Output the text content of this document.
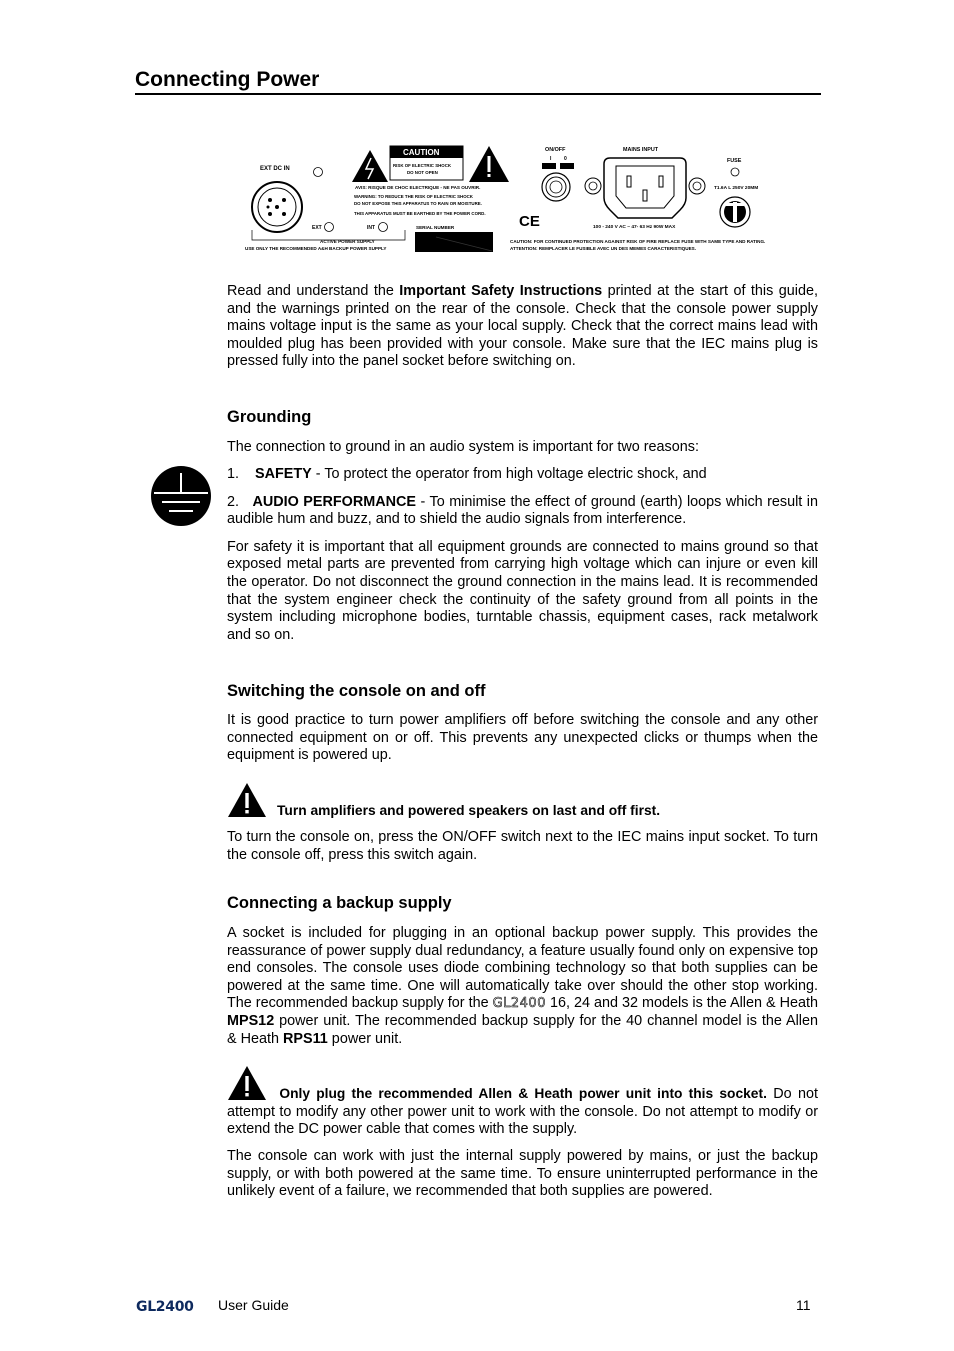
Connecting Power
EXT DC IN
EXT	INT
ACTIVE POWER SUPPLY
USE ONLY THE RECOMMENDED A&H BACKUP POWER SUPPLY
CAUTION
RISK OF ELECTRIC SHOCK
DO NOT OPEN
AVIS: RISQUE DE CHOC ELECTRIQUE - NE PAS OUVRIR.
WARNING: TO REDUCE THE RISK OF ELECTRIC SHOCK
DO NOT EXPOSE THIS APPARATUS TO RAIN OR MOISTURE.
THIS APPARATUS MUST BE EARTHED BY THE POWER CORD.
SERIAL NUMBER
ON/OFF
I	0
CE
MAINS INPUT
100 - 240 V AC ~ 47- 63 Hz 90W MAX
FUSE
T1.6A L 250V 20MM
CAUTION: FOR CONTINUED PROTECTION AGAINST RISK OF FIRE REPLACE FUSE WITH SAME TYPE AND RATING.
ATTENTION: REMPLACER LE FUSIBLE AVEC UN DES MEMES CARACTERISTIQUES.

Read and understand the Important Safety Instructions printed at the start of this guide, and the warnings printed on the rear of the console. Check that the console power supply mains voltage input is the same as your local supply. Check that the correct mains lead with moulded plug has been provided with your console. Make sure that the IEC mains plug is pressed fully into the panel socket before switching on.

Grounding

The connection to ground in an audio system is important for two reasons:

1. SAFETY - To protect the operator from high voltage electric shock, and

2. AUDIO PERFORMANCE - To minimise the effect of ground (earth) loops which result in audible hum and buzz, and to shield the audio signals from interference.

For safety it is important that all equipment grounds are connected to mains ground so that exposed metal parts are prevented from carrying high voltage which can injure or even kill the operator. Do not disconnect the ground connection in the mains lead. It is recommended that the system engineer check the continuity of the safety ground from all points in the system including microphone bodies, turntable chassis, equipment cases, rack metalwork and so on.

Switching the console on and off

It is good practice to turn power amplifiers off before switching the console and any other connected equipment on or off. This prevents any unexpected clicks or thumps when the equipment is powered up.

Turn amplifiers and powered speakers on last and off first.

To turn the console on, press the ON/OFF switch next to the IEC mains input socket. To turn the console off, press this switch again.

Connecting a backup supply

A socket is included for plugging in an optional backup power supply. This provides the reassurance of power supply dual redundancy, a feature usually found only on expensive top end consoles. The console uses diode combining technology so that both supplies can be powered at the same time. One will automatically take over should the other stop working. The recommended backup supply for the GL2400 16, 24 and 32 models is the Allen & Heath MPS12 power unit. The recommended backup supply for the 40 channel model is the Allen & Heath RPS11 power unit.

Only plug the recommended Allen & Heath power unit into this socket. Do not attempt to modify any other power unit to work with the console. Do not attempt to modify or extend the DC power cable that comes with the supply.

The console can work with just the internal supply powered by mains, or just the backup supply, or with both powered at the same time. To ensure uninterrupted performance in the unlikely event of a failure, we recommended that both supplies are powered.

GL2400 User Guide	11
